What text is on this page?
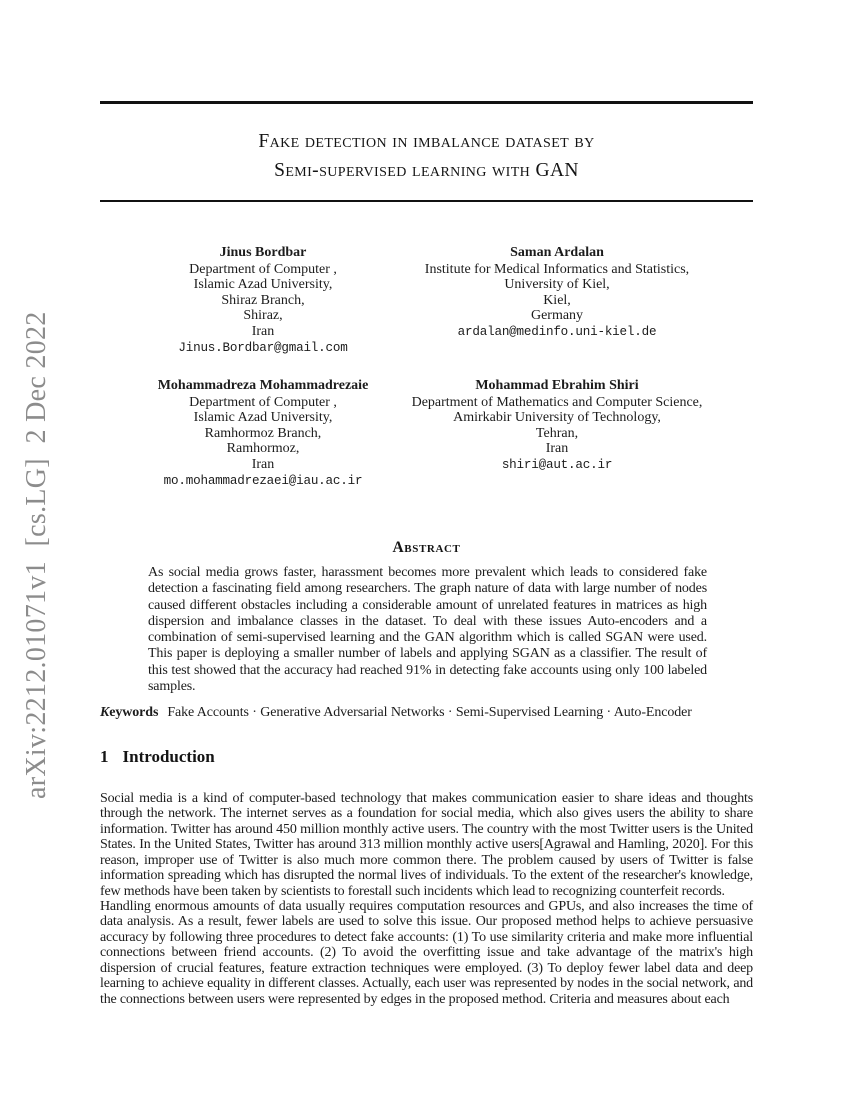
arXiv:2212.01071v1  [cs.LG]  2 Dec 2022
Fake detection in imbalance dataset by
Semi-supervised learning with GAN
Jinus Bordbar
Department of Computer ,
Islamic Azad University,
Shiraz Branch,
Shiraz,
Iran
Jinus.Bordbar@gmail.com
Saman Ardalan
Institute for Medical Informatics and Statistics,
University of Kiel,
Kiel,
Germany
ardalan@medinfo.uni-kiel.de
Mohammadreza Mohammadrezaie
Department of Computer ,
Islamic Azad University,
Ramhormoz Branch,
Ramhormoz,
Iran
mo.mohammadrezaei@iau.ac.ir
Mohammad Ebrahim Shiri
Department of Mathematics and Computer Science,
Amirkabir University of Technology,
Tehran,
Iran
shiri@aut.ac.ir
Abstract
As social media grows faster, harassment becomes more prevalent which leads to considered fake detection a fascinating field among researchers. The graph nature of data with large number of nodes caused different obstacles including a considerable amount of unrelated features in matrices as high dispersion and imbalance classes in the dataset. To deal with these issues Auto-encoders and a combination of semi-supervised learning and the GAN algorithm which is called SGAN were used. This paper is deploying a smaller number of labels and applying SGAN as a classifier. The result of this test showed that the accuracy had reached 91% in detecting fake accounts using only 100 labeled samples.
Keywords Fake Accounts · Generative Adversarial Networks · Semi-Supervised Learning · Auto-Encoder
1 Introduction
Social media is a kind of computer-based technology that makes communication easier to share ideas and thoughts through the network. The internet serves as a foundation for social media, which also gives users the ability to share information. Twitter has around 450 million monthly active users. The country with the most Twitter users is the United States. In the United States, Twitter has around 313 million monthly active users[Agrawal and Hamling, 2020]. For this reason, improper use of Twitter is also much more common there. The problem caused by users of Twitter is false information spreading which has disrupted the normal lives of individuals. To the extent of the researcher's knowledge, few methods have been taken by scientists to forestall such incidents which lead to recognizing counterfeit records.
Handling enormous amounts of data usually requires computation resources and GPUs, and also increases the time of data analysis. As a result, fewer labels are used to solve this issue. Our proposed method helps to achieve persuasive accuracy by following three procedures to detect fake accounts: (1) To use similarity criteria and make more influential connections between friend accounts. (2) To avoid the overfitting issue and take advantage of the matrix's high dispersion of crucial features, feature extraction techniques were employed. (3) To deploy fewer label data and deep learning to achieve equality in different classes. Actually, each user was represented by nodes in the social network, and the connections between users were represented by edges in the proposed method. Criteria and measures about each
